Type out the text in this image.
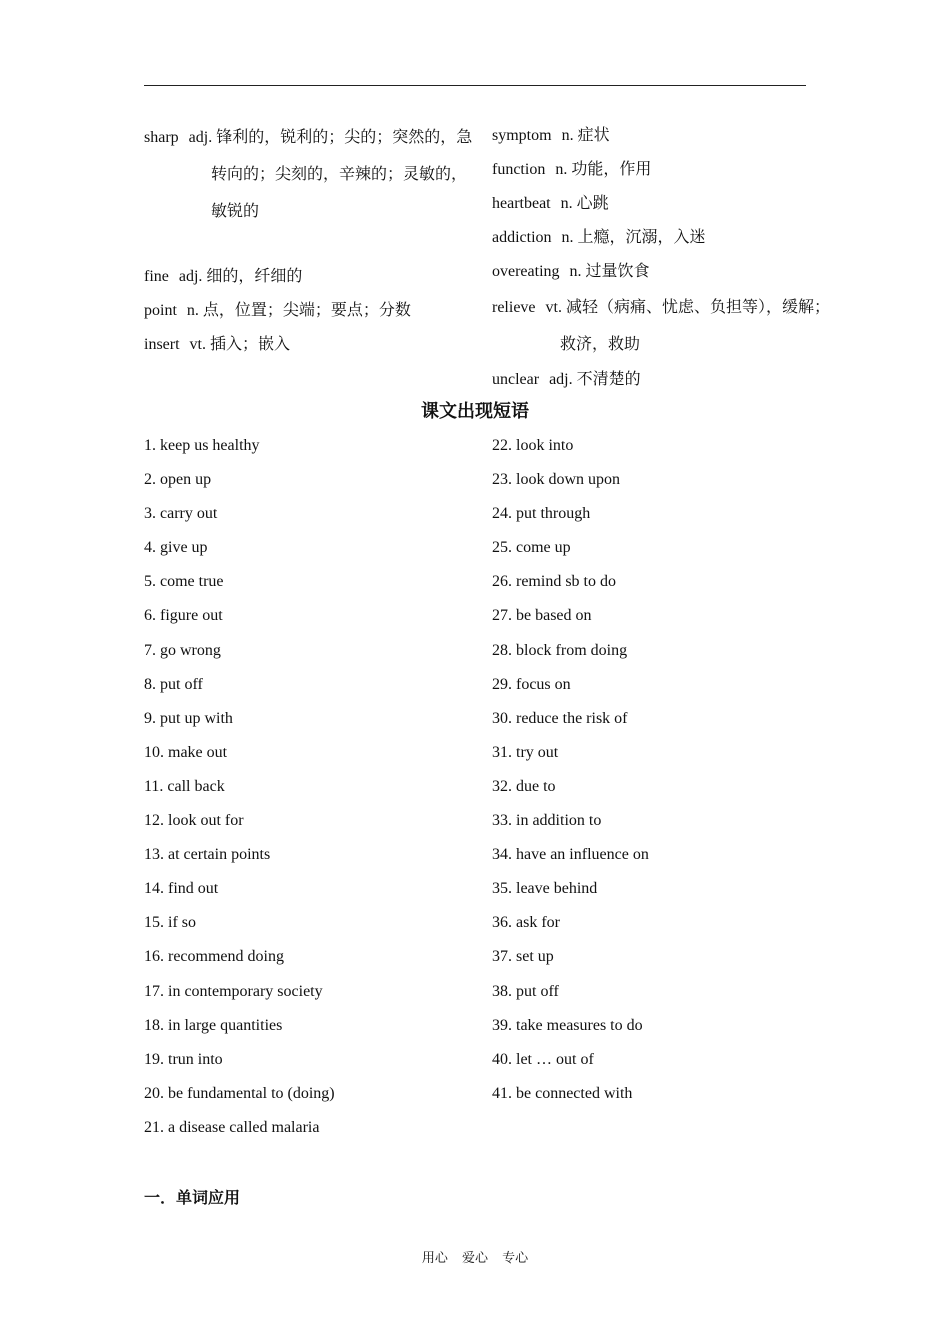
sharp adj. 锋利的，锐利的；尖的；突然的，急转向的；尖刻的，辛辣的；灵敏的，敏锐的
fine adj. 细的，纤细的
point n. 点，位置；尖端；要点；分数
insert vt. 插入；嵌入
symptom n. 症状
function n. 功能，作用
heartbeat n. 心跳
addiction n. 上瘾，沉溺，入迷
overeating n. 过量饮食
relieve vt. 减轻（病痛、忧虑、负担等），缓解；救济，救助
unclear adj. 不清楚的
课文出现短语
1. keep us healthy
2. open up
3. carry out
4. give up
5. come true
6. figure out
7. go wrong
8. put off
9. put up with
10. make out
11. call back
12. look out for
13. at certain points
14. find out
15. if so
16. recommend doing
17. in contemporary society
18. in large quantities
19. trun into
20. be fundamental to (doing)
21. a disease called malaria
22. look into
23. look down upon
24. put through
25. come up
26. remind sb to do
27. be based on
28. block from doing
29. focus on
30. reduce the risk of
31. try out
32. due to
33. in addition to
34. have an influence on
35. leave behind
36. ask for
37. set up
38. put off
39. take measures to do
40. let … out of
41. be connected with
一．单词应用
用心 爱心 专心
